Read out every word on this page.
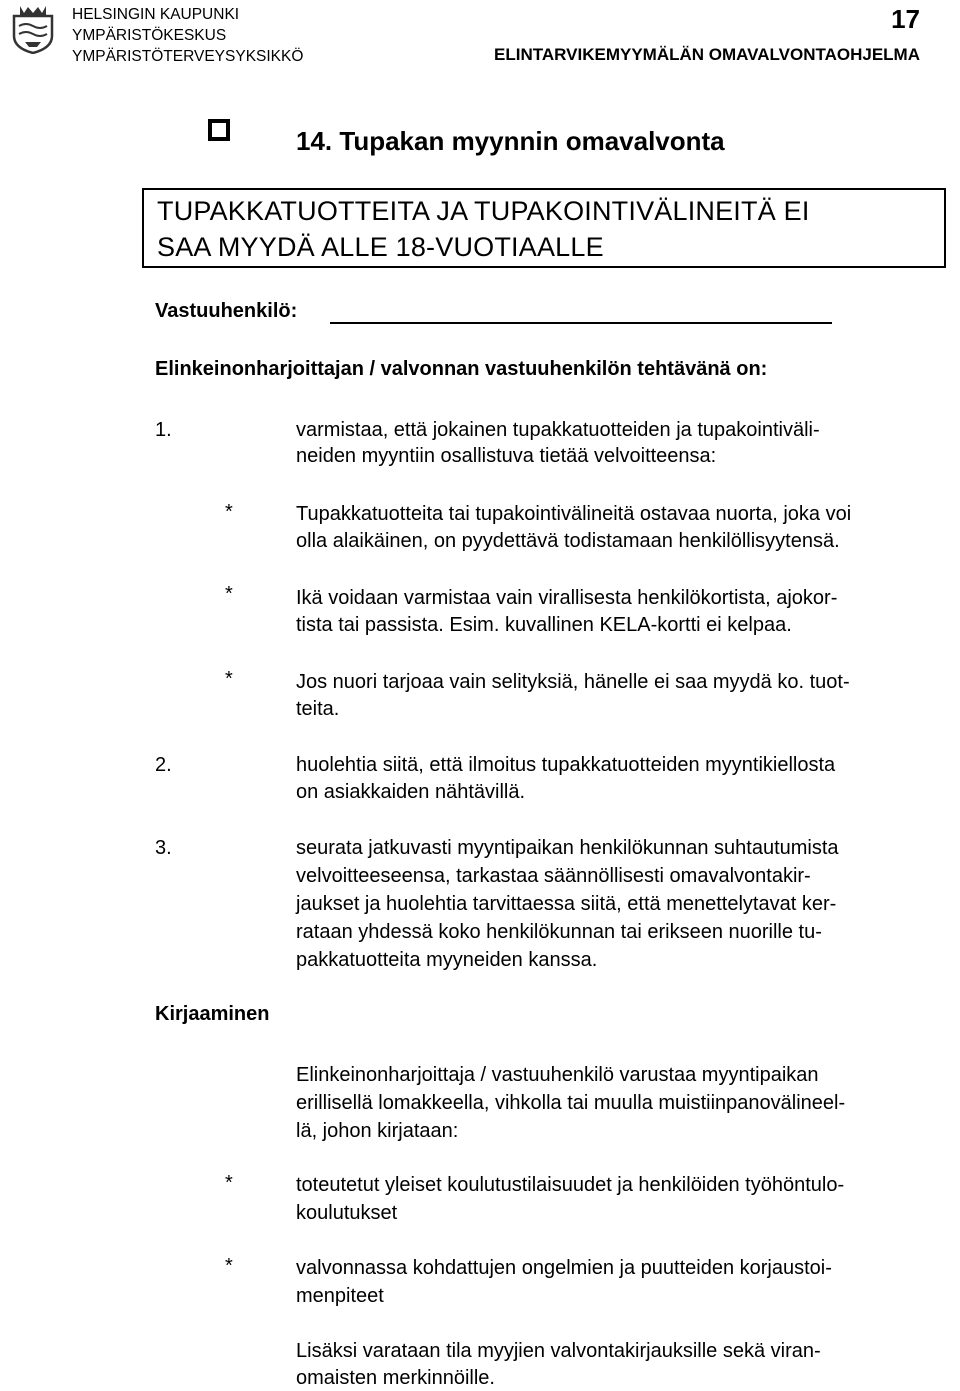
HELSINGIN KAUPUNKI
YMPÄRISTÖKESKUS
YMPÄRISTÖTERVEYSYKSIKKÖ
17
ELINTARVIKEMYYMÄLÄN OMAVALVONTAOHJELMA
14. Tupakan myynnin omavalvonta
TUPAKKATUOTTEITA JA TUPAKOINTIVÄLINEITÄ EI
SAA MYYDÄ ALLE 18-VUOTIAALLE
Vastuuhenkilö:
Elinkeinonharjoittajan / valvonnan vastuuhenkilön tehtävänä on:
1.	varmistaa, että jokainen tupakkatuotteiden ja tupakointiväli-
neiden myyntiin osallistuva tietää velvoitteensa:
*	Tupakkatuotteita tai tupakointivälineitä ostavaa nuorta, joka voi
olla alaikäinen, on pyydettävä todistamaan henkilöllisyytensä.
*	Ikä voidaan varmistaa vain virallisesta henkilökortista, ajokor-
tista tai passista. Esim. kuvallinen KELA-kortti ei kelpaa.
*	Jos nuori tarjoaa vain selityksiä, hänelle ei saa myydä ko. tuot-
teita.
2.	huolehtia siitä, että ilmoitus tupakkatuotteiden myyntikiellosta
on asiakkaiden nähtävillä.
3.	seurata jatkuvasti myyntipaikan henkilökunnan suhtautumista
velvoitteeseensa, tarkastaa säännöllisesti omavalvontakir-
jaukset ja huolehtia tarvittaessa siitä, että menettelytavat ker-
rataan yhdessä koko henkilökunnan tai erikseen nuorille tu-
pakkatuotteita myyneiden kanssa.
Kirjaaminen
Elinkeinonharjoittaja / vastuuhenkilö varustaa myyntipaikan
erillisellä lomakkeella, vihkolla tai muulla muistiinpanovälineel-
lä, johon kirjataan:
*	toteutetut yleiset koulutustilaisuudet ja henkilöiden työhöntulo-
koulutukset
*	valvonnassa kohdattujen ongelmien ja puutteiden korjaustoi-
menpiteet
Lisäksi varataan tila myyjien valvontakirjauksille sekä viran-
omaisten merkinnöille.
